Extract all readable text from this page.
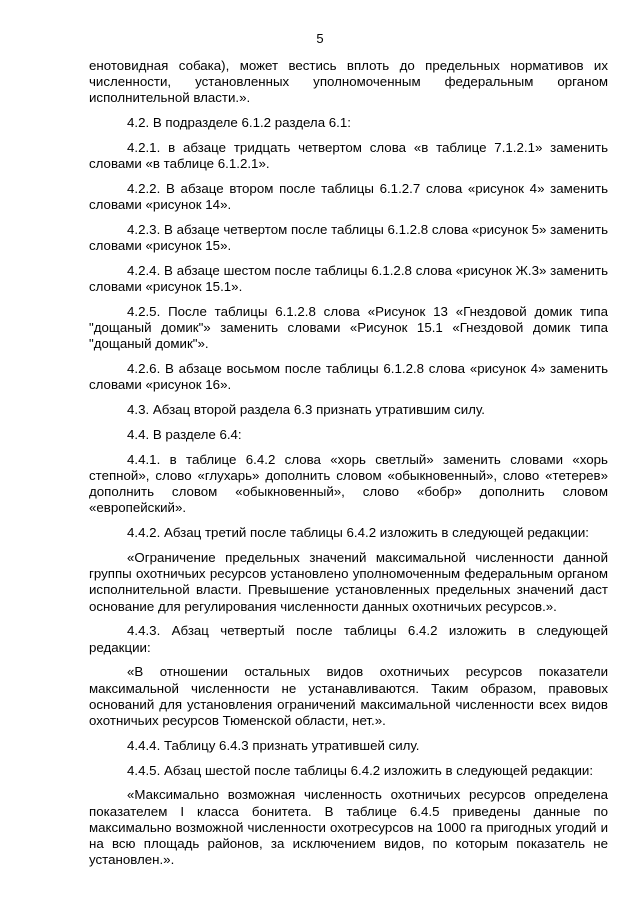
5

енотовидная собака), может вестись вплоть до предельных нормативов их численности, установленных уполномоченным федеральным органом исполнительной власти.».

4.2. В подразделе 6.1.2 раздела 6.1:

4.2.1. в абзаце тридцать четвертом слова «в таблице 7.1.2.1» заменить словами «в таблице 6.1.2.1».

4.2.2. В абзаце втором после таблицы 6.1.2.7 слова «рисунок 4» заменить словами «рисунок 14».

4.2.3. В абзаце четвертом после таблицы 6.1.2.8 слова «рисунок 5» заменить словами «рисунок 15».

4.2.4. В абзаце шестом после таблицы 6.1.2.8 слова «рисунок Ж.3» заменить словами «рисунок 15.1».

4.2.5. После таблицы 6.1.2.8 слова «Рисунок 13 «Гнездовой домик типа "дощаный домик"» заменить словами «Рисунок 15.1 «Гнездовой домик типа "дощаный домик"».

4.2.6. В абзаце восьмом после таблицы 6.1.2.8 слова «рисунок 4» заменить словами «рисунок 16».

4.3. Абзац второй раздела 6.3 признать утратившим силу.

4.4. В разделе 6.4:

4.4.1. в таблице 6.4.2 слова «хорь светлый» заменить словами «хорь степной», слово «глухарь» дополнить словом «обыкновенный», слово «тетерев» дополнить словом «обыкновенный», слово «бобр» дополнить словом «европейский».

4.4.2. Абзац третий после таблицы 6.4.2 изложить в следующей редакции:

«Ограничение предельных значений максимальной численности данной группы охотничьих ресурсов установлено уполномоченным федеральным органом исполнительной власти. Превышение установленных предельных значений даст основание для регулирования численности данных охотничьих ресурсов.».

4.4.3. Абзац четвертый после таблицы 6.4.2 изложить в следующей редакции:

«В отношении остальных видов охотничьих ресурсов показатели максимальной численности не устанавливаются. Таким образом, правовых оснований для установления ограничений максимальной численности всех видов охотничьих ресурсов Тюменской области, нет.».

4.4.4. Таблицу 6.4.3 признать утратившей силу.

4.4.5. Абзац шестой после таблицы 6.4.2 изложить в следующей редакции:

«Максимально возможная численность охотничьих ресурсов определена показателем I класса бонитета. В таблице 6.4.5 приведены данные по максимально возможной численности охотресурсов на 1000 га пригодных угодий и на всю площадь районов, за исключением видов, по которым показатель не установлен.».
